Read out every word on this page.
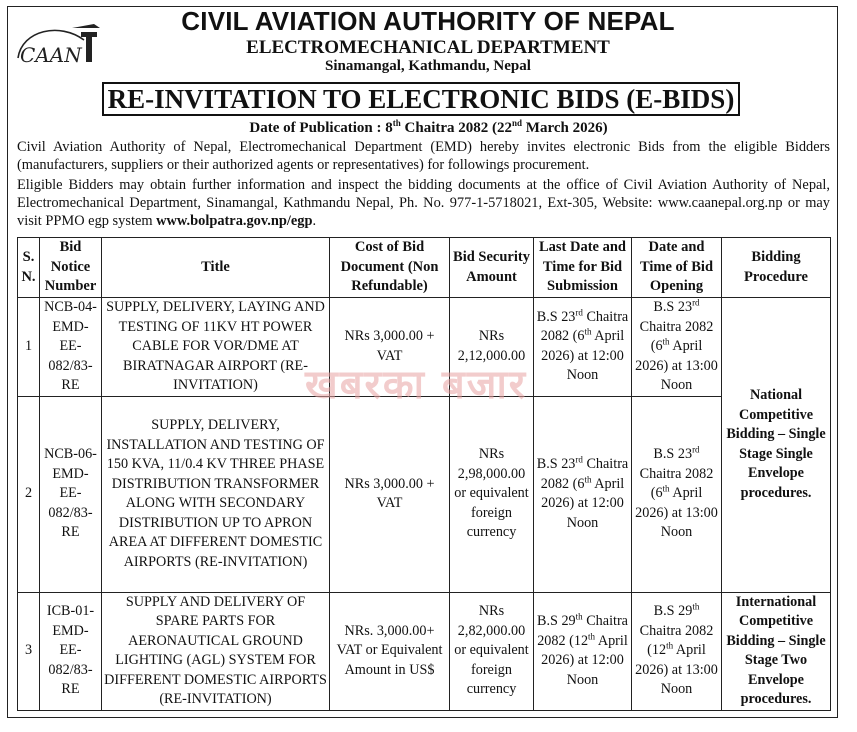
CAAN
CIVIL AVIATION AUTHORITY OF NEPAL
ELECTROMECHANICAL DEPARTMENT
Sinamangal, Kathmandu, Nepal
RE-INVITATION TO ELECTRONIC BIDS (E-BIDS)
Date of Publication : 8th Chaitra 2082 (22nd March 2026)
Civil Aviation Authority of Nepal, Electromechanical Department (EMD) hereby invites electronic Bids from the eligible Bidders (manufacturers, suppliers or their authorized agents or representatives) for followings procurement.
Eligible Bidders may obtain further information and inspect the bidding documents at the office of Civil Aviation Authority of Nepal, Electromechanical Department, Sinamangal, Kathmandu Nepal, Ph. No. 977-1-5718021, Ext-305, Website: www.caanepal.org.np or may visit PPMO egp system www.bolpatra.gov.np/egp.
S. N.	Bid Notice Number	Title	Cost of Bid Document (Non Refundable)	Bid Security Amount	Last Date and Time for Bid Submission	Date and Time of Bid Opening	Bidding Procedure
1	NCB-04-EMD-EE-082/83-RE	SUPPLY, DELIVERY, LAYING AND TESTING OF 11KV HT POWER CABLE FOR VOR/DME AT BIRATNAGAR AIRPORT (RE-INVITATION)	NRs 3,000.00 + VAT	NRs 2,12,000.00	B.S 23rd Chaitra 2082 (6th April 2026) at 12:00 Noon	B.S 23rd Chaitra 2082 (6th April 2026) at 13:00 Noon	National Competitive Bidding – Single Stage Single Envelope procedures.
2	NCB-06-EMD-EE-082/83-RE	SUPPLY, DELIVERY, INSTALLATION AND TESTING OF 150 KVA, 11/0.4 KV THREE PHASE DISTRIBUTION TRANSFORMER ALONG WITH SECONDARY DISTRIBUTION UP TO APRON AREA AT DIFFERENT DOMESTIC AIRPORTS (RE-INVITATION)	NRs 3,000.00 + VAT	NRs 2,98,000.00 or equivalent foreign currency	B.S 23rd Chaitra 2082 (6th April 2026) at 12:00 Noon	B.S 23rd Chaitra 2082 (6th April 2026) at 13:00 Noon	
3	ICB-01-EMD-EE-082/83-RE	SUPPLY AND DELIVERY OF SPARE PARTS FOR AERONAUTICAL GROUND LIGHTING (AGL) SYSTEM FOR DIFFERENT DOMESTIC AIRPORTS (RE-INVITATION)	NRs. 3,000.00+ VAT or Equivalent Amount in US$	NRs 2,82,000.00 or equivalent foreign currency	B.S 29th Chaitra 2082 (12th April 2026) at 12:00 Noon	B.S 29th Chaitra 2082 (12th April 2026) at 13:00 Noon	International Competitive Bidding – Single Stage Two Envelope procedures.
खबरका बजार
